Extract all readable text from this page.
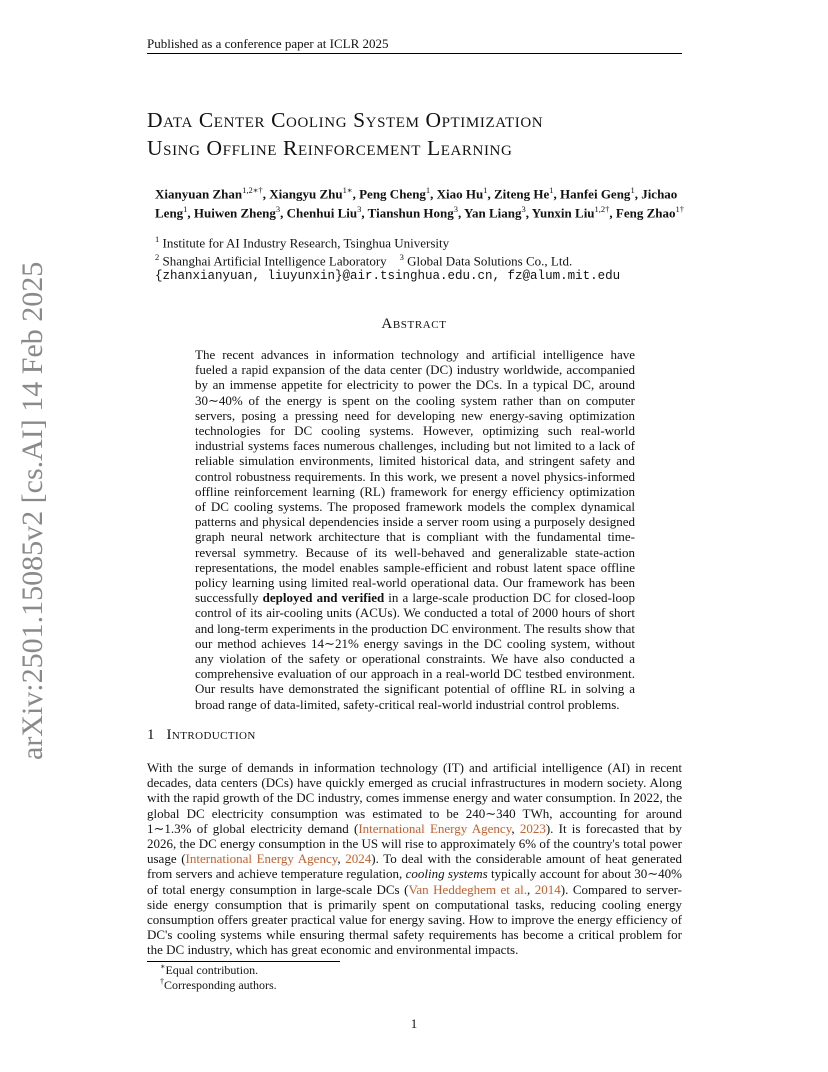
Published as a conference paper at ICLR 2025
Data Center Cooling System Optimization
Using Offline Reinforcement Learning
Xianyuan Zhan$^{1,2∗\dagger}$, Xiangyu Zhu$^{1∗}$, Peng Cheng$^1$, Xiao Hu$^1$, Ziteng He$^1$, Hanfei Geng$^1$, Jichao Leng$^1$, Huiwen Zheng$^3$, Chenhui Liu$^3$, Tianshun Hong$^3$, Yan Liang$^3$, Yunxin Liu$^{1,2\dagger}$, Feng Zhao$^{1\dagger}$
$^1$ Institute for AI Industry Research, Tsinghua University
$^2$ Shanghai Artificial Intelligence Laboratory $^3$ Global Data Solutions Co., Ltd.
{zhanxianyuan, liuyunxin}@air.tsinghua.edu.cn, fz@alum.mit.edu
arXiv:2501.15085v2 [cs.AI] 14 Feb 2025	Abstract
The recent advances in information technology and artificial intelligence have fueled a rapid expansion of the data center (DC) industry worldwide, accompanied by an immense appetite for electricity to power the DCs. In a typical DC, around 30∼40% of the energy is spent on the cooling system rather than on computer servers, posing a pressing need for developing new energy-saving optimization technologies for DC cooling systems. However, optimizing such real-world industrial systems faces numerous challenges, including but not limited to a lack of reliable simulation environments, limited historical data, and stringent safety and control robustness requirements. In this work, we present a novel physics-informed offline reinforcement learning (RL) framework for energy efficiency optimization of DC cooling systems. The proposed framework models the complex dynamical patterns and physical dependencies inside a server room using a purposely designed graph neural network architecture that is compliant with the fundamental time-reversal symmetry. Because of its well-behaved and generalizable state-action representations, the model enables sample-efficient and robust latent space offline policy learning using limited real-world operational data. Our framework has been successfully deployed and verified in a large-scale production DC for closed-loop control of its air-cooling units (ACUs). We conducted a total of 2000 hours of short and long-term experiments in the production DC environment. The results show that our method achieves 14∼21% energy savings in the DC cooling system, without any violation of the safety or operational constraints. We have also conducted a comprehensive evaluation of our approach in a real-world DC testbed environment. Our results have demonstrated the significant potential of offline RL in solving a broad range of data-limited, safety-critical real-world industrial control problems.
1 Introduction
With the surge of demands in information technology (IT) and artificial intelligence (AI) in recent decades, data centers (DCs) have quickly emerged as crucial infrastructures in modern society. Along with the rapid growth of the DC industry, comes immense energy and water consumption. In 2022, the global DC electricity consumption was estimated to be 240∼340 TWh, accounting for around 1∼1.3% of global electricity demand (International Energy Agency, 2023). It is forecasted that by 2026, the DC energy consumption in the US will rise to approximately 6% of the country's total power usage (International Energy Agency, 2024). To deal with the considerable amount of heat generated from servers and achieve temperature regulation, cooling systems typically account for about 30∼40% of total energy consumption in large-scale DCs (Van Heddeghem et al., 2014). Compared to server-side energy consumption that is primarily spent on computational tasks, reducing cooling energy consumption offers greater practical value for energy saving. How to improve the energy efficiency of DC's cooling systems while ensuring thermal safety requirements has become a critical problem for the DC industry, which has great economic and environmental impacts.
∗Equal contribution.
†Corresponding authors.
1
